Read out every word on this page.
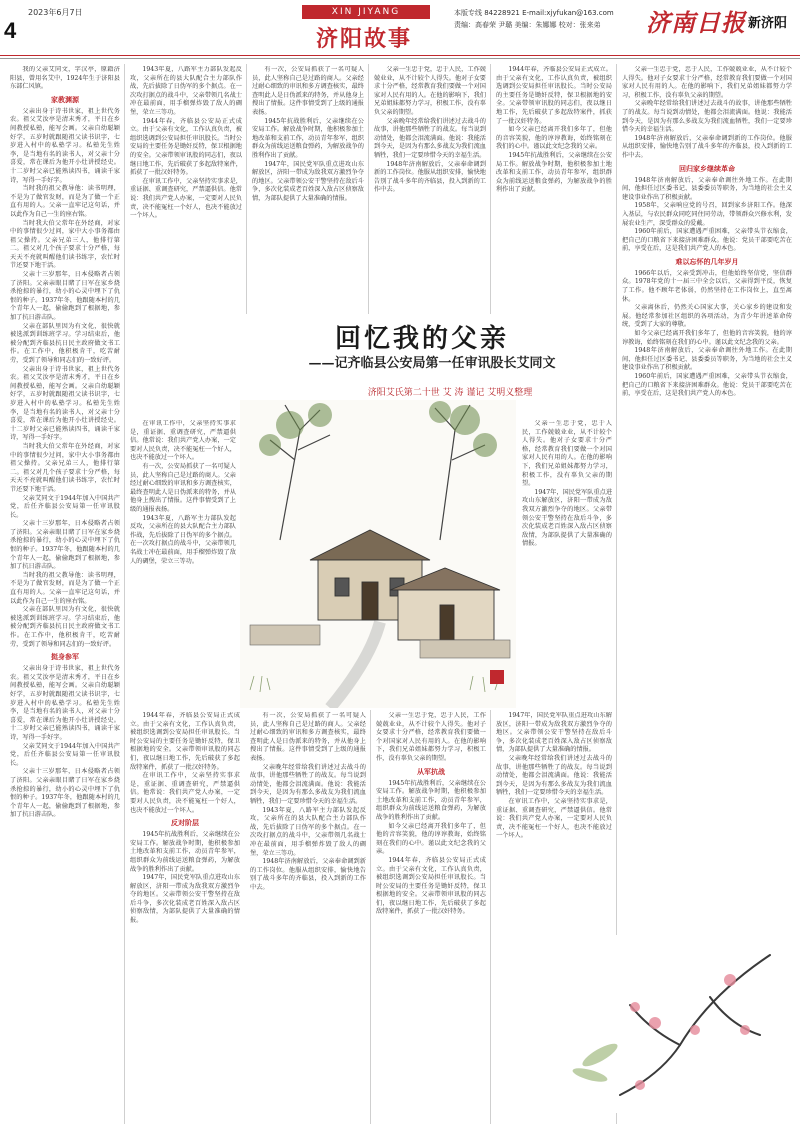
2023年6月7日
4
XIN JIYANG
济阳故事
本版专线 84228921 E-mail:xjyfukan@163.com
责编：高春荣 尹璐 美编：朱娜娜 校对：张来弟 济南日报 新济阳

我的父亲艾同文，字汉亭，原籍济阳县，曾用名艾中，1924年生于济阳县东部仁风镇。

家教渊源

父亲出身于诗书世家，祖上世代务农。祖父艾汝亭是清末秀才，平日在乡间教授私塾，能写会画。父亲自幼聪颖好学，五岁时就跟随祖父读书识字，七岁进入村中的私塾学习。私塾先生姓李，是当地有名的读书人，对父亲十分喜爱，常在课后为他开小灶讲授经史。十二岁时父亲已能熟读四书，诵读千家诗，写得一手好字。

当时我的祖父教导他：读书明理，不是为了做官发财，而是为了做一个正直有用的人。父亲一直牢记这句话，并以此作为自己一生的座右铭。

当时我大伯父常年在外经商，对家中的事情很少过问，家中大小事务都由祖父操持。父亲兄弟三人，他排行第二。祖父对几个孩子要求十分严格，每天天不亮就叫醒他们读书练字，农忙时节还要下地干活。

父亲十三岁那年，日本侵略者占领了济阳。父亲亲眼目睹了日军在家乡烧杀抢掠的暴行，幼小的心灵中埋下了仇恨的种子。1937年冬，他跟随本村的几个青年人一起，偷偷跑到了根据地，参加了抗日游击队。

父亲在部队里因为有文化，很快就被选派到训练班学习。学习结束后，他被分配到齐临县抗日民主政府做文书工作。在工作中，他积极肯干，吃苦耐劳，受到了领导和同志们的一致好评。

父亲出身于诗书世家，祖上世代务农。祖父艾汝亭是清末秀才，平日在乡间教授私塾，能写会画。父亲自幼聪颖好学，五岁时就跟随祖父读书识字，七岁进入村中的私塾学习。私塾先生姓李，是当地有名的读书人，对父亲十分喜爱，常在课后为他开小灶讲授经史。十二岁时父亲已能熟读四书，诵读千家诗，写得一手好字。

当时我大伯父常年在外经商，对家中的事情很少过问，家中大小事务都由祖父操持。父亲兄弟三人，他排行第二。祖父对几个孩子要求十分严格，每天天不亮就叫醒他们读书练字，农忙时节还要下地干活。

父亲艾同文于1944年加入中国共产党，后任齐临县公安局第一任审讯股长。

父亲十三岁那年，日本侵略者占领了济阳。父亲亲眼目睹了日军在家乡烧杀抢掠的暴行，幼小的心灵中埋下了仇恨的种子。1937年冬，他跟随本村的几个青年人一起，偷偷跑到了根据地，参加了抗日游击队。

当时我的祖父教导他：读书明理，不是为了做官发财，而是为了做一个正直有用的人。父亲一直牢记这句话，并以此作为自己一生的座右铭。

父亲在部队里因为有文化，很快就被选派到训练班学习。学习结束后，他被分配到齐临县抗日民主政府做文书工作。在工作中，他积极肯干，吃苦耐劳，受到了领导和同志们的一致好评。

挺身参军

父亲出身于诗书世家，祖上世代务农。祖父艾汝亭是清末秀才，平日在乡间教授私塾，能写会画。父亲自幼聪颖好学，五岁时就跟随祖父读书识字，七岁进入村中的私塾学习。私塾先生姓李，是当地有名的读书人，对父亲十分喜爱，常在课后为他开小灶讲授经史。十二岁时父亲已能熟读四书，诵读千家诗，写得一手好字。

父亲艾同文于1944年加入中国共产党，后任齐临县公安局第一任审讯股长。

父亲十三岁那年，日本侵略者占领了济阳。父亲亲眼目睹了日军在家乡烧杀抢掠的暴行，幼小的心灵中埋下了仇恨的种子。1937年冬，他跟随本村的几个青年人一起，偷偷跑到了根据地，参加了抗日游击队。

1943年夏，八路军主力部队发起反攻，父亲所在的县大队配合主力部队作战，先后拔除了日伪军的多个据点。在一次攻打据点的战斗中，父亲带领几名战士冲在最前面，用手榴弹炸毁了敌人的碉堡，荣立三等功。

1944年春，齐临县公安局正式成立。由于父亲有文化，工作认真负责，被组织选调到公安局担任审讯股长。当时公安局的主要任务是锄奸反特，保卫根据地的安全。父亲带领审讯股的同志们，夜以继日地工作，先后破获了多起敌特案件，抓获了一批汉奸特务。

在审讯工作中，父亲坚持实事求是，重证据、重调查研究，严禁逼供信。他常说：我们共产党人办案，一定要对人民负责，决不能冤枉一个好人，也决不能放过一个坏人。

有一次，公安局抓获了一名可疑人员，此人坚称自己是过路的商人。父亲经过耐心细致的审讯和多方调查核实，最终查明此人是日伪派来的特务，并从他身上搜出了情报。这件事情受到了上级的通报表扬。

1945年抗战胜利后，父亲继续在公安局工作。解放战争时期，他积极参加土地改革和支前工作，动员青年参军，组织群众为前线运送粮食弹药，为解放战争的胜利作出了贡献。

1947年，国民党军队重点进攻山东解放区，济阳一带成为敌我双方激烈争夺的地区。父亲带领公安干警坚持在敌后斗争，多次化装成老百姓深入敌占区侦察敌情，为部队提供了大量准确的情报。

父亲一生忠于党，忠于人民，工作兢兢业业，从不计较个人得失。他对子女要求十分严格，经常教育我们要做一个对国家对人民有用的人。在他的影响下，我们兄弟姐妹都努力学习，积极工作，没有辜负父亲的期望。

父亲晚年经常给我们讲述过去战斗的故事，讲他那些牺牲了的战友。每当说到动情处，他都会泪流满面。他说：我能活到今天，是因为有那么多战友为我们流血牺牲，我们一定要珍惜今天的幸福生活。

1948年济南解放后，父亲奉命调到新的工作岗位。他服从组织安排，愉快地告别了战斗多年的齐临县，投入到新的工作中去。

1944年春，齐临县公安局正式成立。由于父亲有文化，工作认真负责，被组织选调到公安局担任审讯股长。当时公安局的主要任务是锄奸反特，保卫根据地的安全。父亲带领审讯股的同志们，夜以继日地工作，先后破获了多起敌特案件，抓获了一批汉奸特务。

如今父亲已经离开我们多年了，但他的音容笑貌，他的谆谆教诲，始终铭刻在我们的心中。谨以此文纪念我的父亲。

1945年抗战胜利后，父亲继续在公安局工作。解放战争时期，他积极参加土地改革和支前工作，动员青年参军，组织群众为前线运送粮食弹药，为解放战争的胜利作出了贡献。

回忆我的父亲
——记齐临县公安局第一任审讯股长艾同文
济阳艾氏第二十世 艾 涛 谨记 艾明义整理

在审讯工作中，父亲坚持实事求是，重证据、重调查研究，严禁逼供信。他常说：我们共产党人办案，一定要对人民负责，决不能冤枉一个好人，也决不能放过一个坏人。

有一次，公安局抓获了一名可疑人员，此人坚称自己是过路的商人。父亲经过耐心细致的审讯和多方调查核实，最终查明此人是日伪派来的特务，并从他身上搜出了情报。这件事情受到了上级的通报表扬。

1943年夏，八路军主力部队发起反攻，父亲所在的县大队配合主力部队作战，先后拔除了日伪军的多个据点。在一次攻打据点的战斗中，父亲带领几名战士冲在最前面，用手榴弹炸毁了敌人的碉堡，荣立三等功。

父亲一生忠于党，忠于人民，工作兢兢业业，从不计较个人得失。他对子女要求十分严格，经常教育我们要做一个对国家对人民有用的人。在他的影响下，我们兄弟姐妹都努力学习，积极工作，没有辜负父亲的期望。

1947年，国民党军队重点进攻山东解放区，济阳一带成为敌我双方激烈争夺的地区。父亲带领公安干警坚持在敌后斗争，多次化装成老百姓深入敌占区侦察敌情，为部队提供了大量准确的情报。

1944年春，齐临县公安局正式成立。由于父亲有文化，工作认真负责，被组织选调到公安局担任审讯股长。当时公安局的主要任务是锄奸反特，保卫根据地的安全。父亲带领审讯股的同志们，夜以继日地工作，先后破获了多起敌特案件，抓获了一批汉奸特务。

在审讯工作中，父亲坚持实事求是，重证据、重调查研究，严禁逼供信。他常说：我们共产党人办案，一定要对人民负责，决不能冤枉一个好人，也决不能放过一个坏人。

反对阶层

1945年抗战胜利后，父亲继续在公安局工作。解放战争时期，他积极参加土地改革和支前工作，动员青年参军，组织群众为前线运送粮食弹药，为解放战争的胜利作出了贡献。

1947年，国民党军队重点进攻山东解放区，济阳一带成为敌我双方激烈争夺的地区。父亲带领公安干警坚持在敌后斗争，多次化装成老百姓深入敌占区侦察敌情，为部队提供了大量准确的情报。

有一次，公安局抓获了一名可疑人员，此人坚称自己是过路的商人。父亲经过耐心细致的审讯和多方调查核实，最终查明此人是日伪派来的特务，并从他身上搜出了情报。这件事情受到了上级的通报表扬。

父亲晚年经常给我们讲述过去战斗的故事，讲他那些牺牲了的战友。每当说到动情处，他都会泪流满面。他说：我能活到今天，是因为有那么多战友为我们流血牺牲，我们一定要珍惜今天的幸福生活。

1943年夏，八路军主力部队发起反攻，父亲所在的县大队配合主力部队作战，先后拔除了日伪军的多个据点。在一次攻打据点的战斗中，父亲带领几名战士冲在最前面，用手榴弹炸毁了敌人的碉堡，荣立三等功。

1948年济南解放后，父亲奉命调到新的工作岗位。他服从组织安排，愉快地告别了战斗多年的齐临县，投入到新的工作中去。

父亲一生忠于党，忠于人民，工作兢兢业业，从不计较个人得失。他对子女要求十分严格，经常教育我们要做一个对国家对人民有用的人。在他的影响下，我们兄弟姐妹都努力学习，积极工作，没有辜负父亲的期望。

从军抗战

1945年抗战胜利后，父亲继续在公安局工作。解放战争时期，他积极参加土地改革和支前工作，动员青年参军，组织群众为前线运送粮食弹药，为解放战争的胜利作出了贡献。

如今父亲已经离开我们多年了，但他的音容笑貌，他的谆谆教诲，始终铭刻在我们的心中。谨以此文纪念我的父亲。

1944年春，齐临县公安局正式成立。由于父亲有文化，工作认真负责，被组织选调到公安局担任审讯股长。当时公安局的主要任务是锄奸反特，保卫根据地的安全。父亲带领审讯股的同志们，夜以继日地工作，先后破获了多起敌特案件，抓获了一批汉奸特务。

1947年，国民党军队重点进攻山东解放区，济阳一带成为敌我双方激烈争夺的地区。父亲带领公安干警坚持在敌后斗争，多次化装成老百姓深入敌占区侦察敌情，为部队提供了大量准确的情报。

父亲晚年经常给我们讲述过去战斗的故事，讲他那些牺牲了的战友。每当说到动情处，他都会泪流满面。他说：我能活到今天，是因为有那么多战友为我们流血牺牲，我们一定要珍惜今天的幸福生活。

在审讯工作中，父亲坚持实事求是，重证据、重调查研究，严禁逼供信。他常说：我们共产党人办案，一定要对人民负责，决不能冤枉一个好人，也决不能放过一个坏人。

父亲一生忠于党，忠于人民，工作兢兢业业，从不计较个人得失。他对子女要求十分严格，经常教育我们要做一个对国家对人民有用的人。在他的影响下，我们兄弟姐妹都努力学习，积极工作，没有辜负父亲的期望。

父亲晚年经常给我们讲述过去战斗的故事，讲他那些牺牲了的战友。每当说到动情处，他都会泪流满面。他说：我能活到今天，是因为有那么多战友为我们流血牺牲，我们一定要珍惜今天的幸福生活。

1948年济南解放后，父亲奉命调到新的工作岗位。他服从组织安排，愉快地告别了战斗多年的齐临县，投入到新的工作中去。

回归家乡继续革命

1948年济南解放后，父亲奉命调往外地工作。在此期间，他担任过区委书记、县委委员等职务，为当地的社会主义建设事业作出了积极贡献。

1958年，父亲响应党的号召，回到家乡济阳工作。他深入基层，与农民群众同吃同住同劳动，带领群众兴修水利，发展农业生产，深受群众的爱戴。

1960年前后，国家遭遇严重困难，父亲带头节衣缩食，把自己的口粮省下来接济困难群众。他说：党员干部要吃苦在前，享受在后，这是我们共产党人的本色。

难以忘怀的几年岁月

1966年以后，父亲受到冲击，但他始终坚信党，坚信群众。1978年党的十一届三中全会以后，父亲得到平反，恢复了工作。他不顾年老体弱，仍然坚持在工作岗位上，直至离休。

父亲离休后，仍然关心国家大事，关心家乡的建设和发展。他经常参加社区组织的各项活动，为青少年讲述革命传统，受到了大家的尊敬。

如今父亲已经离开我们多年了，但他的音容笑貌，他的谆谆教诲，始终铭刻在我们的心中。谨以此文纪念我的父亲。

1948年济南解放后，父亲奉命调往外地工作。在此期间，他担任过区委书记、县委委员等职务，为当地的社会主义建设事业作出了积极贡献。

1960年前后，国家遭遇严重困难，父亲带头节衣缩食，把自己的口粮省下来接济困难群众。他说：党员干部要吃苦在前，享受在后，这是我们共产党人的本色。
